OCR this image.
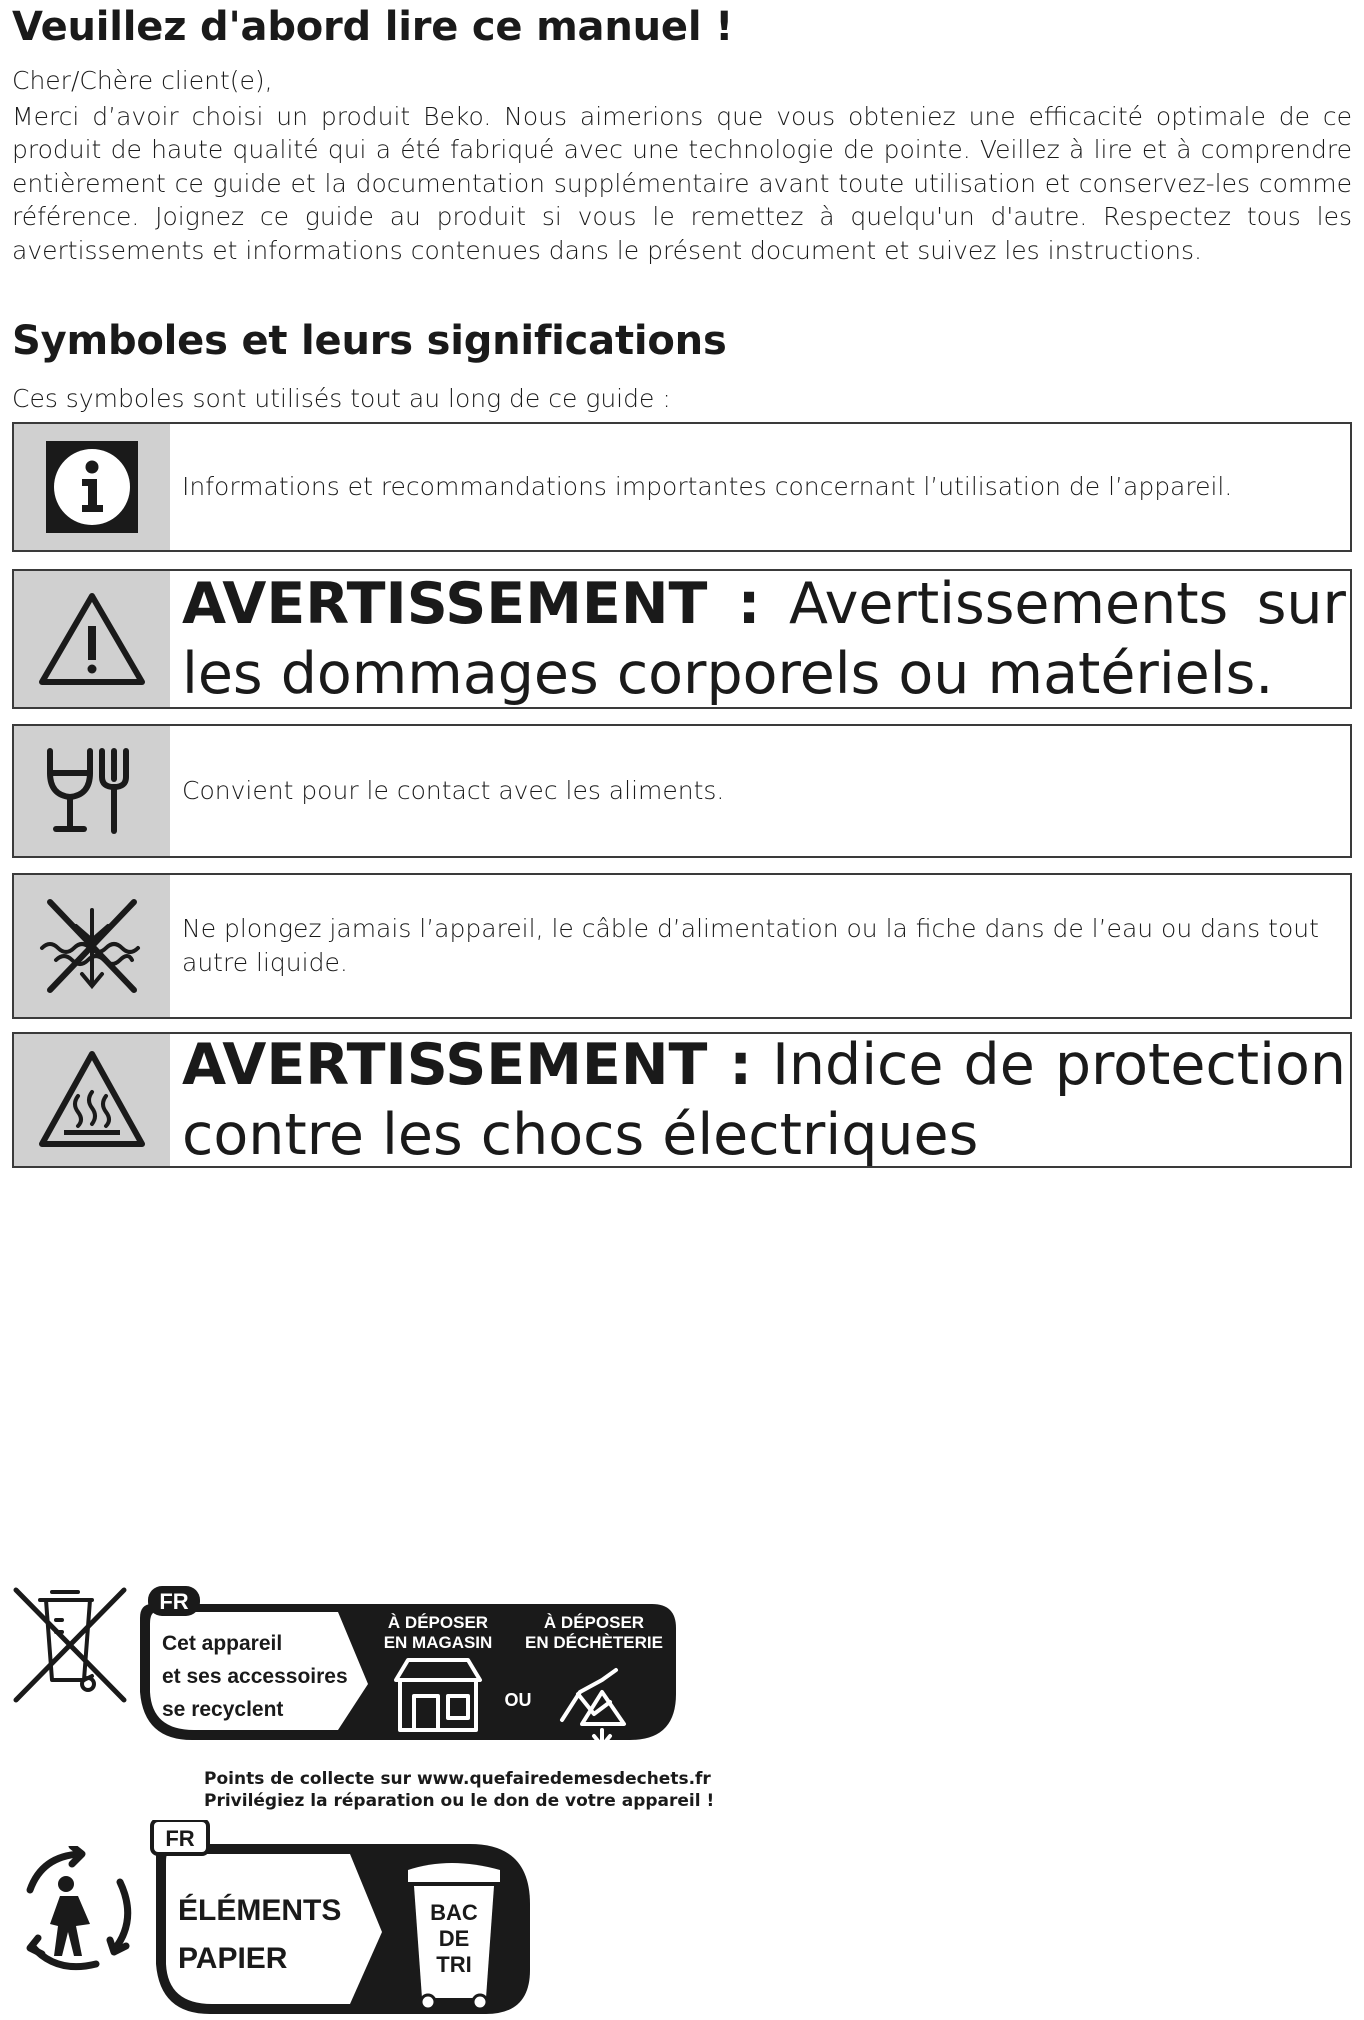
Veuillez d'abord lire ce manuel !

Cher/Chère client(e),

Merci d’avoir choisi un produit Beko. Nous aimerions que vous obteniez une efficacité optimale de ce produit de haute qualité qui a été fabriqué avec une technologie de pointe. Veillez à lire et à comprendre entièrement ce guide et la documentation supplémentaire avant toute utilisation et conservez-les comme référence. Joignez ce guide au produit si vous le remettez à quelqu'un d'autre. Respectez tous les avertissements et informations contenues dans le présent document et suivez les instructions.

Symboles et leurs significations

Ces symboles sont utilisés tout au long de ce guide :

Informations et recommandations importantes concernant l’utilisation de l’appareil.
AVERTISSEMENT : Avertissements sur les dommages corporels ou matériels.
Convient pour le contact avec les aliments.
Ne plongez jamais l’appareil, le câble d’alimentation ou la fiche dans de l’eau ou dans tout autre liquide.
AVERTISSEMENT : Indice de protection contre les chocs électriques
FR
Cet appareil
et ses accessoires
se recyclent
À DÉPOSER
EN MAGASIN
À DÉPOSER
EN DÉCHÈTERIE
OU

Points de collecte sur www.quefairedemesdechets.fr
Privilégiez la réparation ou le don de votre appareil !

FR
ÉLÉMENTS
PAPIER
BAC
DE
TRI
